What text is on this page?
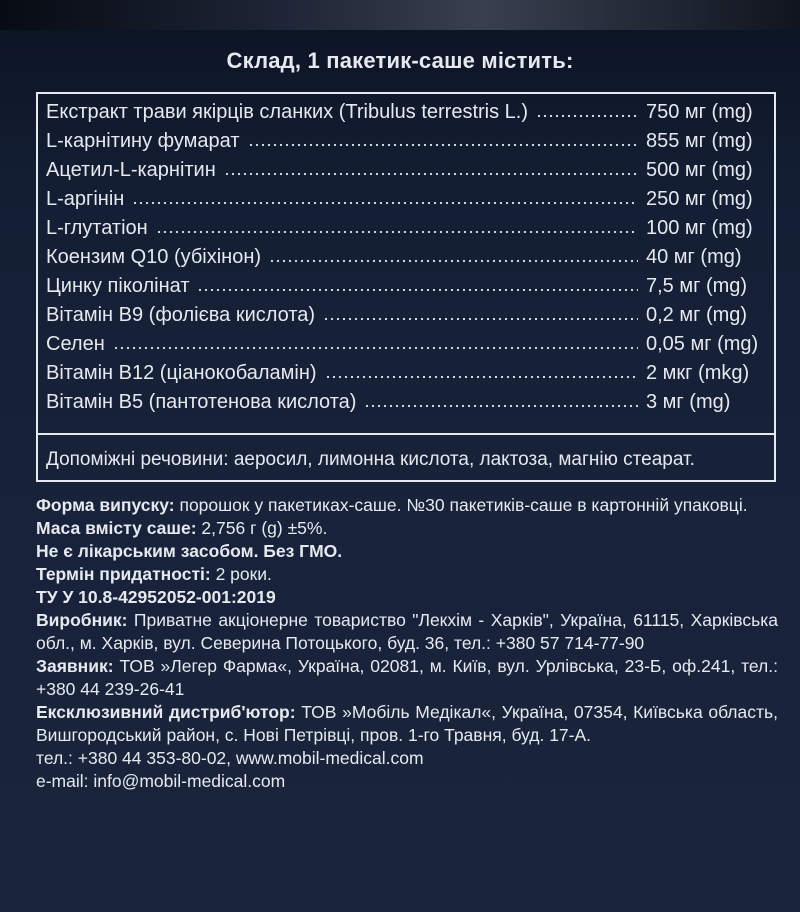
Склад, 1 пакетик-саше містить:
Екстракт трави якірців сланких (Tribulus terrestris L.)	750 мг (mg)
L-карнітину фумарат	855 мг (mg)
Ацетил-L-карнітин	500 мг (mg)
L-аргінін	250 мг (mg)
L-глутатіон	100 мг (mg)
Коензим Q10 (убіхінон)	40 мг (mg)
Цинку піколінат	7,5 мг (mg)
Вітамін B9 (фолієва кислота)	0,2 мг (mg)
Селен	0,05 мг (mg)
Вітамін B12 (ціанокобаламін)	2 мкг (mkg)
Вітамін B5 (пантотенова кислота)	3 мг (mg)
Допоміжні речовини: аеросил, лимонна кислота, лактоза, магнію стеарат.

Форма випуску: порошок у пакетиках-саше. №30 пакетиків-саше в картонній упаковці.

Маса вмісту саше: 2,756 г (g) ±5%.

Не є лікарським засобом. Без ГМО.

Термін придатності: 2 роки.

ТУ У 10.8-42952052-001:2019

Виробник: Приватне акціонерне товариство "Лекхім - Харків", Україна, 61115, Харківська обл., м. Харків, вул. Северина Потоцького, буд. 36, тел.: +380 57 714-77-90

Заявник: ТОВ »Легер Фарма«, Україна, 02081, м. Київ, вул. Урлівська, 23-Б, оф.241, тел.: +380 44 239-26-41

Ексклюзивний дистриб'ютор: ТОВ »Мобіль Медікал«, Україна, 07354, Київська область, Вишгородський район, с. Нові Петрівці, пров. 1-го Травня, буд. 17-А.

тел.: +380 44 353-80-02, www.mobil-medical.com

e-mail: info@mobil-medical.com
